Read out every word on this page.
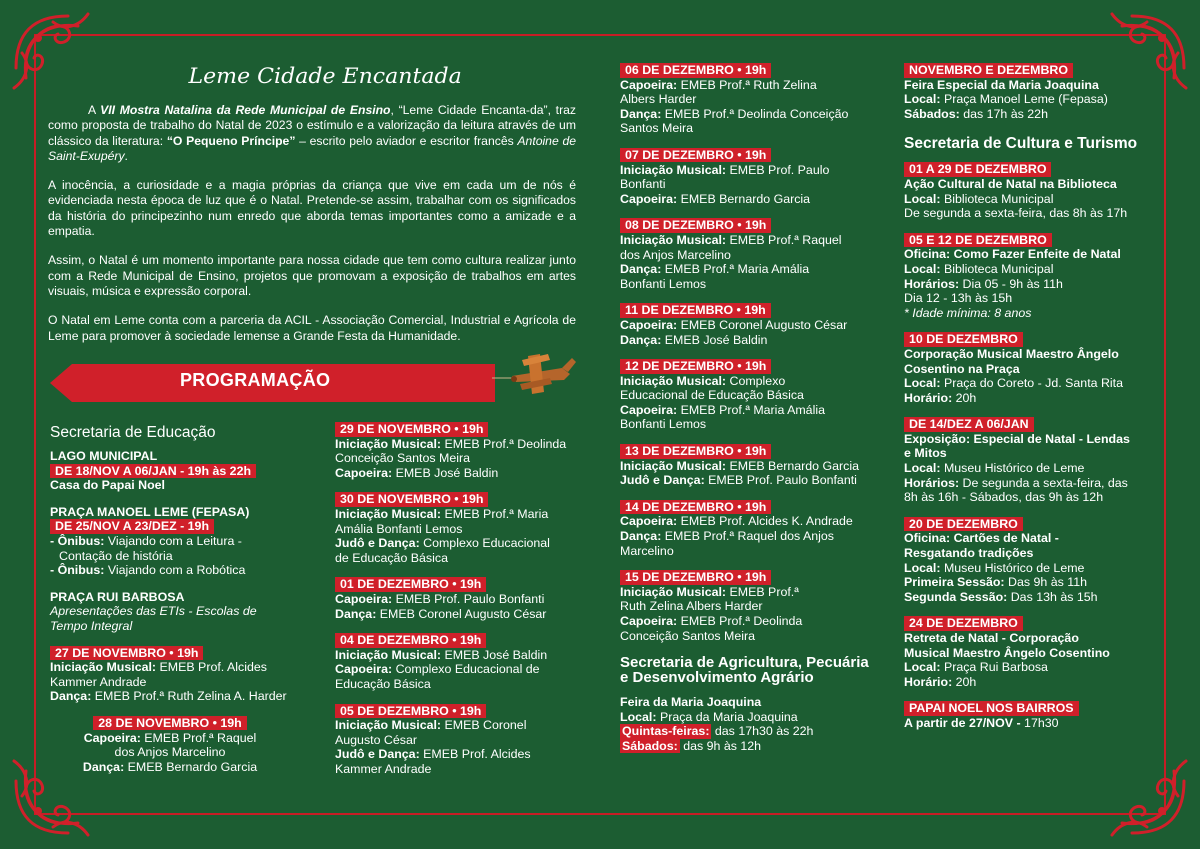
Leme Cidade Encantada

A VII Mostra Natalina da Rede Municipal de Ensino, “Leme Cidade Encanta-da”, traz como proposta de trabalho do Natal de 2023 o estímulo e a valorização da leitura através de um clássico da literatura: “O Pequeno Príncipe” – escrito pelo aviador e escritor francês Antoine de Saint-Exupéry.

A inocência, a curiosidade e a magia próprias da criança que vive em cada um de nós é evidenciada nesta época de luz que é o Natal. Pretende-se assim, trabalhar com os significados da história do principezinho num enredo que aborda temas importantes como a amizade e a empatia.

Assim, o Natal é um momento importante para nossa cidade que tem como cultura realizar junto com a Rede Municipal de Ensino, projetos que promovam a exposição de trabalhos em artes visuais, música e expressão corporal.

O Natal em Leme conta com a parceria da ACIL - Associação Comercial, Industrial e Agrícola de Leme para promover à sociedade lemense a Grande Festa da Humanidade.

PROGRAMAÇÃO
Secretaria de Educação

LAGO MUNICIPAL

DE 18/NOV A 06/JAN - 19h às 22h

Casa do Papai Noel

PRAÇA MANOEL LEME (FEPASA)

DE 25/NOV A 23/DEZ - 19h

- Ônibus: Viajando com a Leitura -

Contação de história

- Ônibus: Viajando com a Robótica

PRAÇA RUI BARBOSA

Apresentações das ETIs - Escolas de

Tempo Integral

27 DE NOVEMBRO • 19h

Iniciação Musical: EMEB Prof. Alcides

Kammer Andrade

Dança: EMEB Prof.ª Ruth Zelina A. Harder

28 DE NOVEMBRO • 19h

Capoeira: EMEB Prof.ª Raquel

dos Anjos Marcelino

Dança: EMEB Bernardo Garcia

29 DE NOVEMBRO • 19h

Iniciação Musical: EMEB Prof.ª Deolinda

Conceição Santos Meira

Capoeira: EMEB José Baldin

30 DE NOVEMBRO • 19h

Iniciação Musical: EMEB Prof.ª Maria

Amália Bonfanti Lemos

Judô e Dança: Complexo Educacional

de Educação Básica

01 DE DEZEMBRO • 19h

Capoeira: EMEB Prof. Paulo Bonfanti

Dança: EMEB Coronel Augusto César

04 DE DEZEMBRO • 19h

Iniciação Musical: EMEB José Baldin

Capoeira: Complexo Educacional de

Educação Básica

05 DE DEZEMBRO • 19h

Iniciação Musical: EMEB Coronel

Augusto César

Judô e Dança: EMEB Prof. Alcides

Kammer Andrade

06 DE DEZEMBRO • 19h

Capoeira: EMEB Prof.ª Ruth Zelina

Albers Harder

Dança: EMEB Prof.ª Deolinda Conceição

Santos Meira

07 DE DEZEMBRO • 19h

Iniciação Musical: EMEB Prof. Paulo

Bonfanti

Capoeira: EMEB Bernardo Garcia

08 DE DEZEMBRO • 19h

Iniciação Musical: EMEB Prof.ª Raquel

dos Anjos Marcelino

Dança: EMEB Prof.ª Maria Amália

Bonfanti Lemos

11 DE DEZEMBRO • 19h

Capoeira: EMEB Coronel Augusto César

Dança: EMEB José Baldin

12 DE DEZEMBRO • 19h

Iniciação Musical: Complexo

Educacional de Educação Básica

Capoeira: EMEB Prof.ª Maria Amália

Bonfanti Lemos

13 DE DEZEMBRO • 19h

Iniciação Musical: EMEB Bernardo Garcia

Judô e Dança: EMEB Prof. Paulo Bonfanti

14 DE DEZEMBRO • 19h

Capoeira: EMEB Prof. Alcides K. Andrade

Dança: EMEB Prof.ª Raquel dos Anjos

Marcelino

15 DE DEZEMBRO • 19h

Iniciação Musical: EMEB Prof.ª

Ruth Zelina Albers Harder

Capoeira: EMEB Prof.ª Deolinda

Conceição Santos Meira

Secretaria de Agricultura, Pecuária e Desenvolvimento Agrário

Feira da Maria Joaquina

Local: Praça da Maria Joaquina

Quintas-feiras: das 17h30 às 22h

Sábados: das 9h às 12h

NOVEMBRO E DEZEMBRO

Feira Especial da Maria Joaquina

Local: Praça Manoel Leme (Fepasa)

Sábados: das 17h às 22h

Secretaria de Cultura e Turismo

01 A 29 DE DEZEMBRO

Ação Cultural de Natal na Biblioteca

Local: Biblioteca Municipal

De segunda a sexta-feira, das 8h às 17h

05 E 12 DE DEZEMBRO

Oficina: Como Fazer Enfeite de Natal

Local: Biblioteca Municipal

Horários: Dia 05 - 9h às 11h

Dia 12 - 13h às 15h

* Idade mínima: 8 anos

10 DE DEZEMBRO

Corporação Musical Maestro Ângelo

Cosentino na Praça

Local: Praça do Coreto - Jd. Santa Rita

Horário: 20h

DE 14/DEZ A 06/JAN

Exposição: Especial de Natal - Lendas

e Mitos

Local: Museu Histórico de Leme

Horários: De segunda a sexta-feira, das

8h às 16h - Sábados, das 9h às 12h

20 DE DEZEMBRO

Oficina: Cartões de Natal -

Resgatando tradições

Local: Museu Histórico de Leme

Primeira Sessão: Das 9h às 11h

Segunda Sessão: Das 13h às 15h

24 DE DEZEMBRO

Retreta de Natal - Corporação

Musical Maestro Ângelo Cosentino

Local: Praça Rui Barbosa

Horário: 20h

PAPAI NOEL NOS BAIRROS

A partir de 27/NOV - 17h30
